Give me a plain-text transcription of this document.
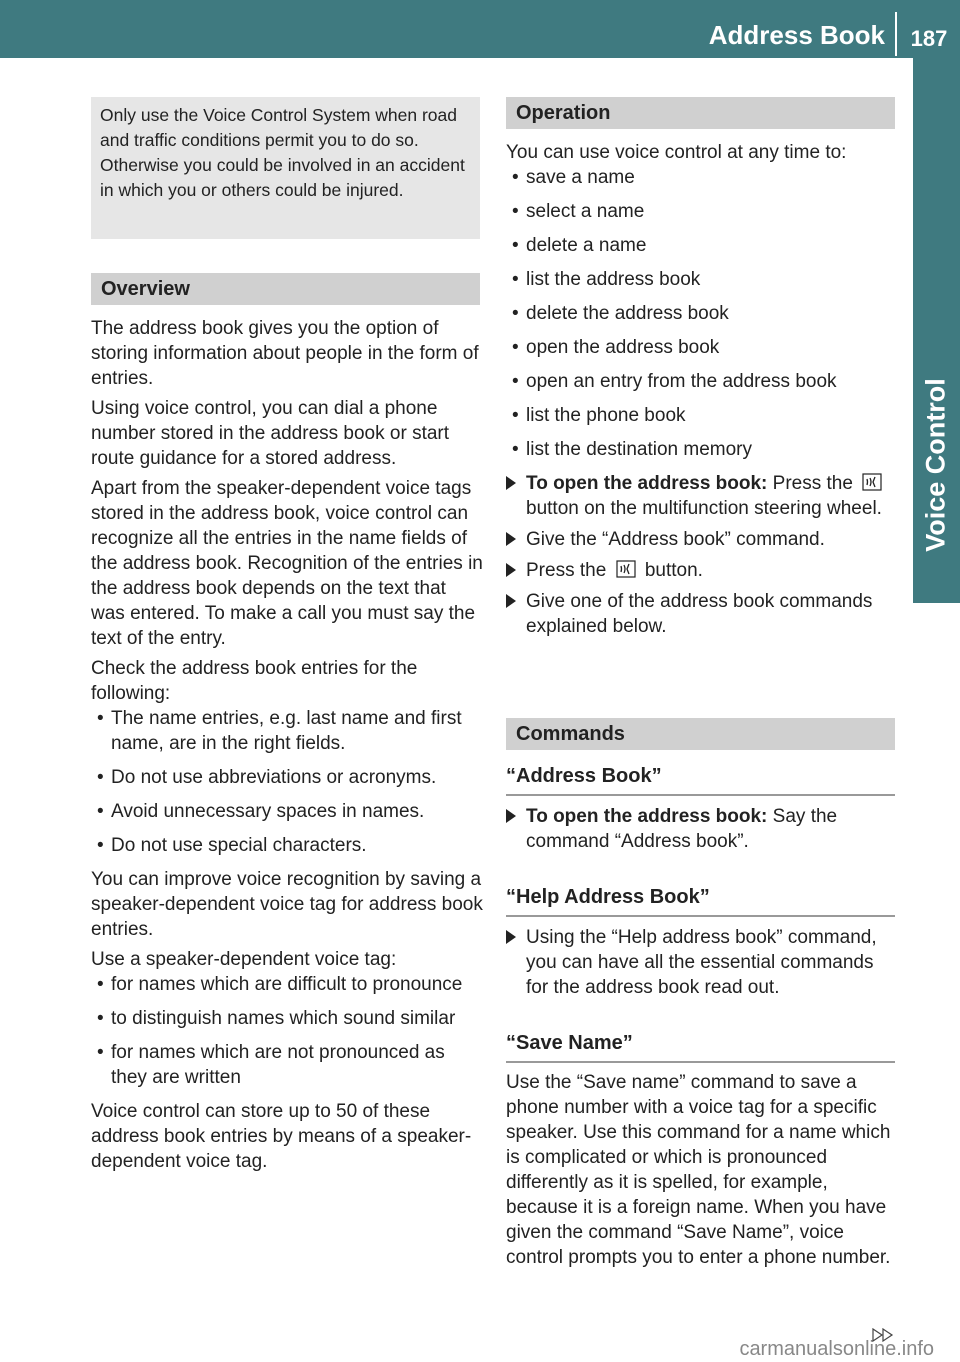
Address Book	187
Voice Control
Only use the Voice Control System when road and traffic conditions permit you to do so. Otherwise you could be involved in an accident in which you or others could be injured.
Overview

The address book gives you the option of storing information about people in the form of entries.

Using voice control, you can dial a phone number stored in the address book or start route guidance for a stored address.

Apart from the speaker-dependent voice tags stored in the address book, voice control can recognize all the entries in the name fields of the address book. Recognition of the entries in the address book depends on the text that was entered. To make a call you must say the text of the entry.

Check the address book entries for the following:

• The name entries, e.g. last name and first name, are in the right fields.
• Do not use abbreviations or acronyms.
• Avoid unnecessary spaces in names.
• Do not use special characters.

You can improve voice recognition by saving a speaker-dependent voice tag for address book entries.

Use a speaker-dependent voice tag:

• for names which are difficult to pronounce
• to distinguish names which sound similar
• for names which are not pronounced as they are written

Voice control can store up to 50 of these address book entries by means of a speaker-dependent voice tag.

Operation

You can use voice control at any time to:

• save a name
• select a name
• delete a name
• list the address book
• delete the address book
• open the address book
• open an entry from the address book
• list the phone book
• list the destination memory
To open the address book: Press the  button on the multifunction steering wheel.
Give the “Address book” command.
Press the  button.
Give one of the address book commands explained below.
Commands
“Address Book”
To open the address book: Say the command “Address book”.
“Help Address Book”
Using the “Help address book” command, you can have all the essential commands for the address book read out.
“Save Name”

Use the “Save name” command to save a phone number with a voice tag for a specific speaker. Use this command for a name which is complicated or which is pronounced differently as it is spelled, for example, because it is a foreign name. When you have given the command “Save Name”, voice control prompts you to enter a phone number.

carmanualsonline.info
